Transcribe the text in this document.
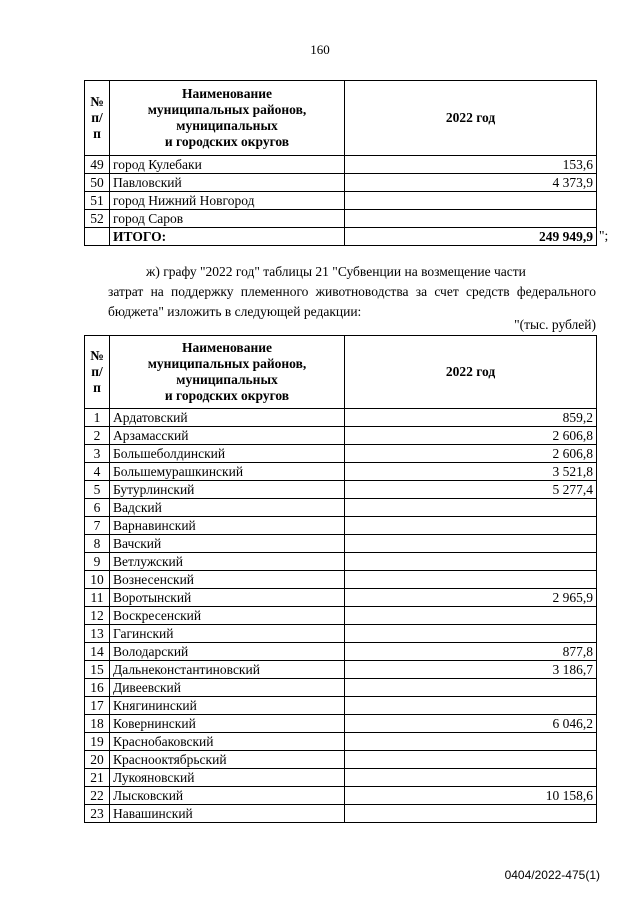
160
№
п/п	Наименование
муниципальных районов,
муниципальных
и городских округов	2022 год
49	город Кулебаки	153,6
50	Павловский	4 373,9
51	город Нижний Новгород	
52	город Саров	
	ИТОГО:	249 949,9 ";
ж) графу "2022 год" таблицы 21 "Субвенции на возмещение части
затрат на поддержку племенного животноводства за счет средств федерального бюджета" изложить в следующей редакции:
"(тыс. рублей)
№
п/п	Наименование
муниципальных районов,
муниципальных
и городских округов	2022 год
1	Ардатовский	859,2
2	Арзамасский	2 606,8
3	Большеболдинский	2 606,8
4	Большемурашкинский	3 521,8
5	Бутурлинский	5 277,4
6	Вадский	
7	Варнавинский	
8	Вачский	
9	Ветлужский	
10	Вознесенский	
11	Воротынский	2 965,9
12	Воскресенский	
13	Гагинский	
14	Володарский	877,8
15	Дальнеконстантиновский	3 186,7
16	Дивеевский	
17	Княгининский	
18	Ковернинский	6 046,2
19	Краснобаковский	
20	Краснооктябрьский	
21	Лукояновский	
22	Лысковский	10 158,6
23	Навашинский	
0404/2022-475(1)
